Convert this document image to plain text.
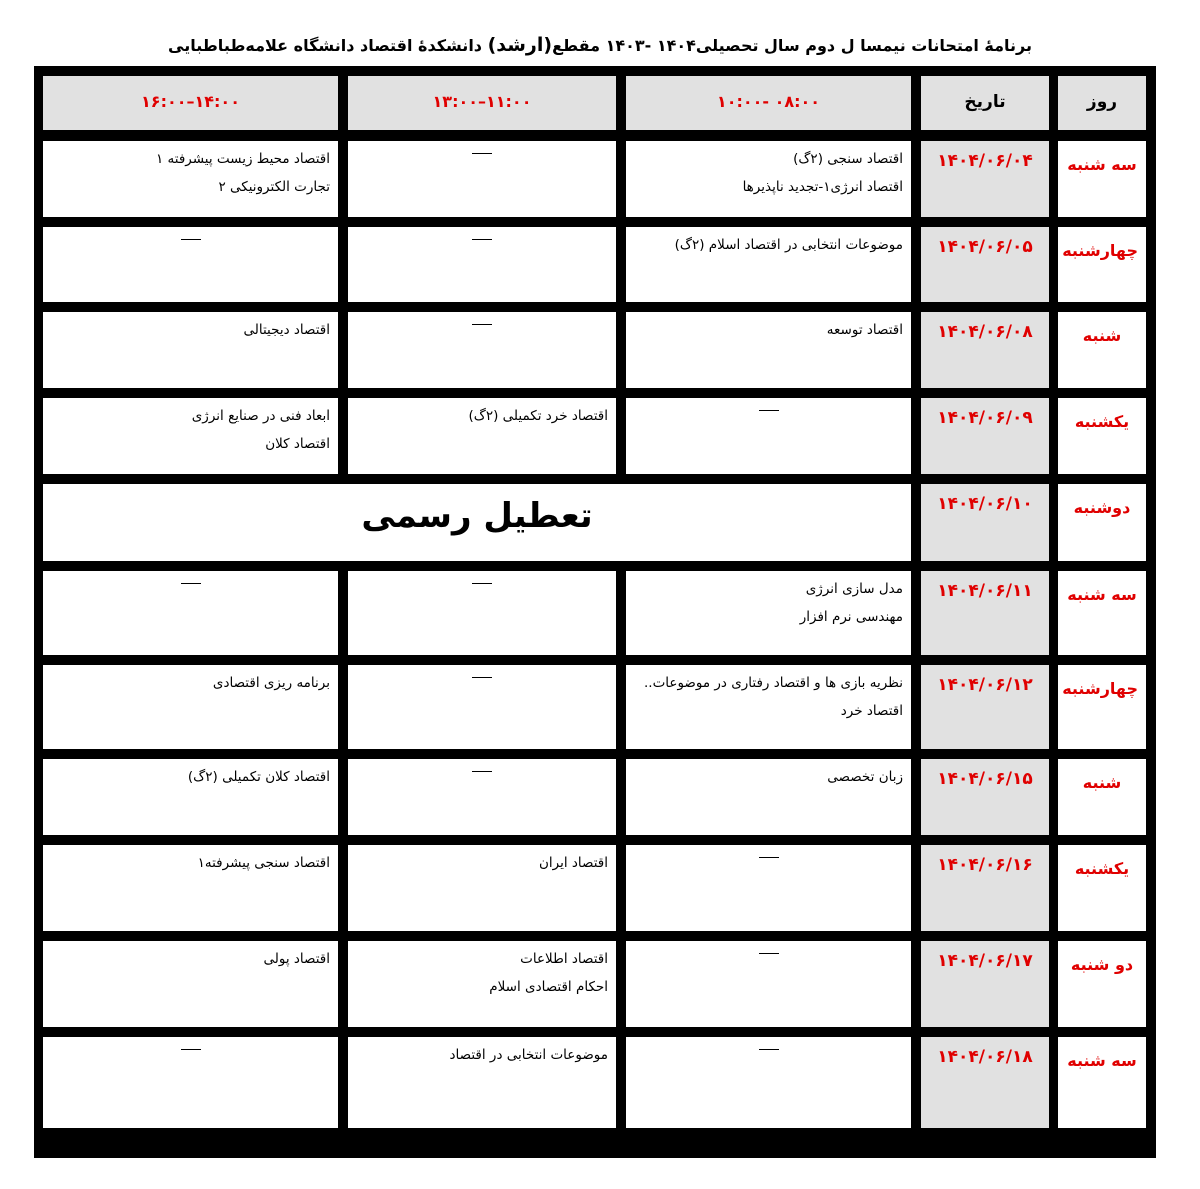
برنامهٔ امتحانات نیمسا ل دوم سال تحصیلی۱۴۰۴ -۱۴۰۳ مقطع(ارشد) دانشکدهٔ اقتصاد دانشگاه علامه‌طباطبایی
روز
تاریخ
۰۸:۰۰ -۱۰:۰۰
۱۱:۰۰–۱۳:۰۰
۱۴:۰۰–۱۶:۰۰
سه شنبه
۱۴۰۴/۰۶/۰۴
اقتصاد سنجی (۲گ)
اقتصاد انرژی۱-تجدید ناپذیرها
اقتصاد محیط زیست پیشرفته ۱
تجارت الکترونیکی ۲
چهارشنبه
۱۴۰۴/۰۶/۰۵
موضوعات انتخابی در اقتصاد اسلام (۲گ)
شنبه
۱۴۰۴/۰۶/۰۸
اقتصاد توسعه
اقتصاد دیجیتالی
یکشنبه
۱۴۰۴/۰۶/۰۹
اقتصاد خرد تکمیلی (۲گ)
ابعاد فنی در صنایع انرژی
اقتصاد کلان
دوشنبه
۱۴۰۴/۰۶/۱۰
تعطیل رسمی
سه شنبه
۱۴۰۴/۰۶/۱۱
مدل سازی انرژی
مهندسی نرم افزار
چهارشنبه
۱۴۰۴/۰۶/۱۲
نظریه بازی ها و اقتصاد رفتاری در موضوعات..
اقتصاد خرد
برنامه ریزی اقتصادی
شنبه
۱۴۰۴/۰۶/۱۵
زبان تخصصی
اقتصاد کلان تکمیلی (۲گ)
یکشنبه
۱۴۰۴/۰۶/۱۶
اقتصاد ایران
اقتصاد سنجی پیشرفته۱
دو شنبه
۱۴۰۴/۰۶/۱۷
اقتصاد اطلاعات
احکام اقتصادی اسلام
اقتصاد پولی
سه شنبه
۱۴۰۴/۰۶/۱۸
موضوعات انتخابی در اقتصاد
